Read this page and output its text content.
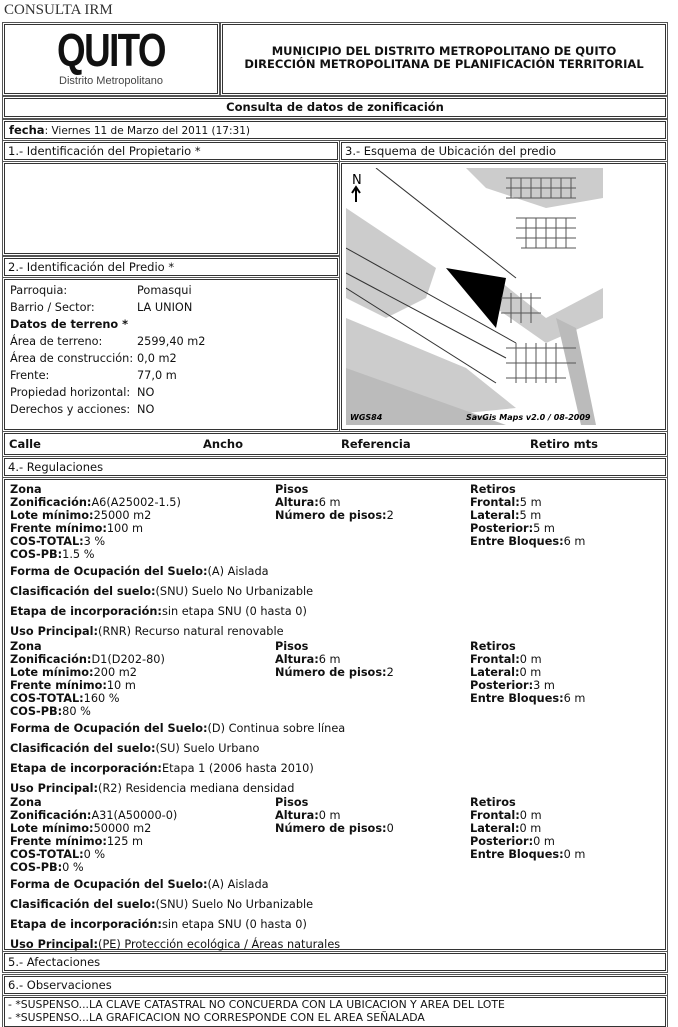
CONSULTA IRM
QUITO
Distrito Metropolitano
MUNICIPIO DEL DISTRITO METROPOLITANO DE QUITO
DIRECCIÓN METROPOLITANA DE PLANIFICACIÓN TERRITORIAL
Consulta de datos de zonificación
fecha: Viernes 11 de Marzo del 2011 (17:31)
1.- Identificación del Propietario *	3.- Esquema de Ubicación del predio
N
WGS84	SavGis Maps v2.0 / 08-2009
2.- Identificación del Predio *
Parroquia:	Pomasqui
Barrio / Sector:	LA UNION
Datos de terreno *
Área de terreno:	2599,40 m2
Área de construcción: 0,0 m2
Frente:	77,0 m
Propiedad horizontal: NO
Derechos y acciones: NO
Calle	Ancho	Referencia	Retiro mts
4.- Regulaciones
Zona
Zonificación:A6(A25002-1.5)
Lote mínimo:25000 m2
Frente mínimo:100 m
COS-TOTAL:3 %
COS-PB:1.5 %
Pisos
Altura:6 m
Número de pisos:2
Retiros
Frontal:5 m
Lateral:5 m
Posterior:5 m
Entre Bloques:6 m
Forma de Ocupación del Suelo:(A) Aislada
Clasificación del suelo:(SNU) Suelo No Urbanizable
Etapa de incorporación:sin etapa SNU (0 hasta 0)
Uso Principal:(RNR) Recurso natural renovable
Zona
Zonificación:D1(D202-80)
Lote mínimo:200 m2
Frente mínimo:10 m
COS-TOTAL:160 %
COS-PB:80 %
Pisos
Altura:6 m
Número de pisos:2
Retiros
Frontal:0 m
Lateral:0 m
Posterior:3 m
Entre Bloques:6 m
Forma de Ocupación del Suelo:(D) Continua sobre línea
Clasificación del suelo:(SU) Suelo Urbano
Etapa de incorporación:Etapa 1 (2006 hasta 2010)
Uso Principal:(R2) Residencia mediana densidad
Zona
Zonificación:A31(A50000-0)
Lote mínimo:50000 m2
Frente mínimo:125 m
COS-TOTAL:0 %
COS-PB:0 %
Pisos
Altura:0 m
Número de pisos:0
Retiros
Frontal:0 m
Lateral:0 m
Posterior:0 m
Entre Bloques:0 m
Forma de Ocupación del Suelo:(A) Aislada
Clasificación del suelo:(SNU) Suelo No Urbanizable
Etapa de incorporación:sin etapa SNU (0 hasta 0)
Uso Principal:(PE) Protección ecológica / Áreas naturales
5.- Afectaciones
6.- Observaciones
- *SUSPENSO...LA CLAVE CATASTRAL NO CONCUERDA CON LA UBICACION Y AREA DEL LOTE
- *SUSPENSO...LA GRAFICACION NO CORRESPONDE CON EL AREA SEÑALADA
